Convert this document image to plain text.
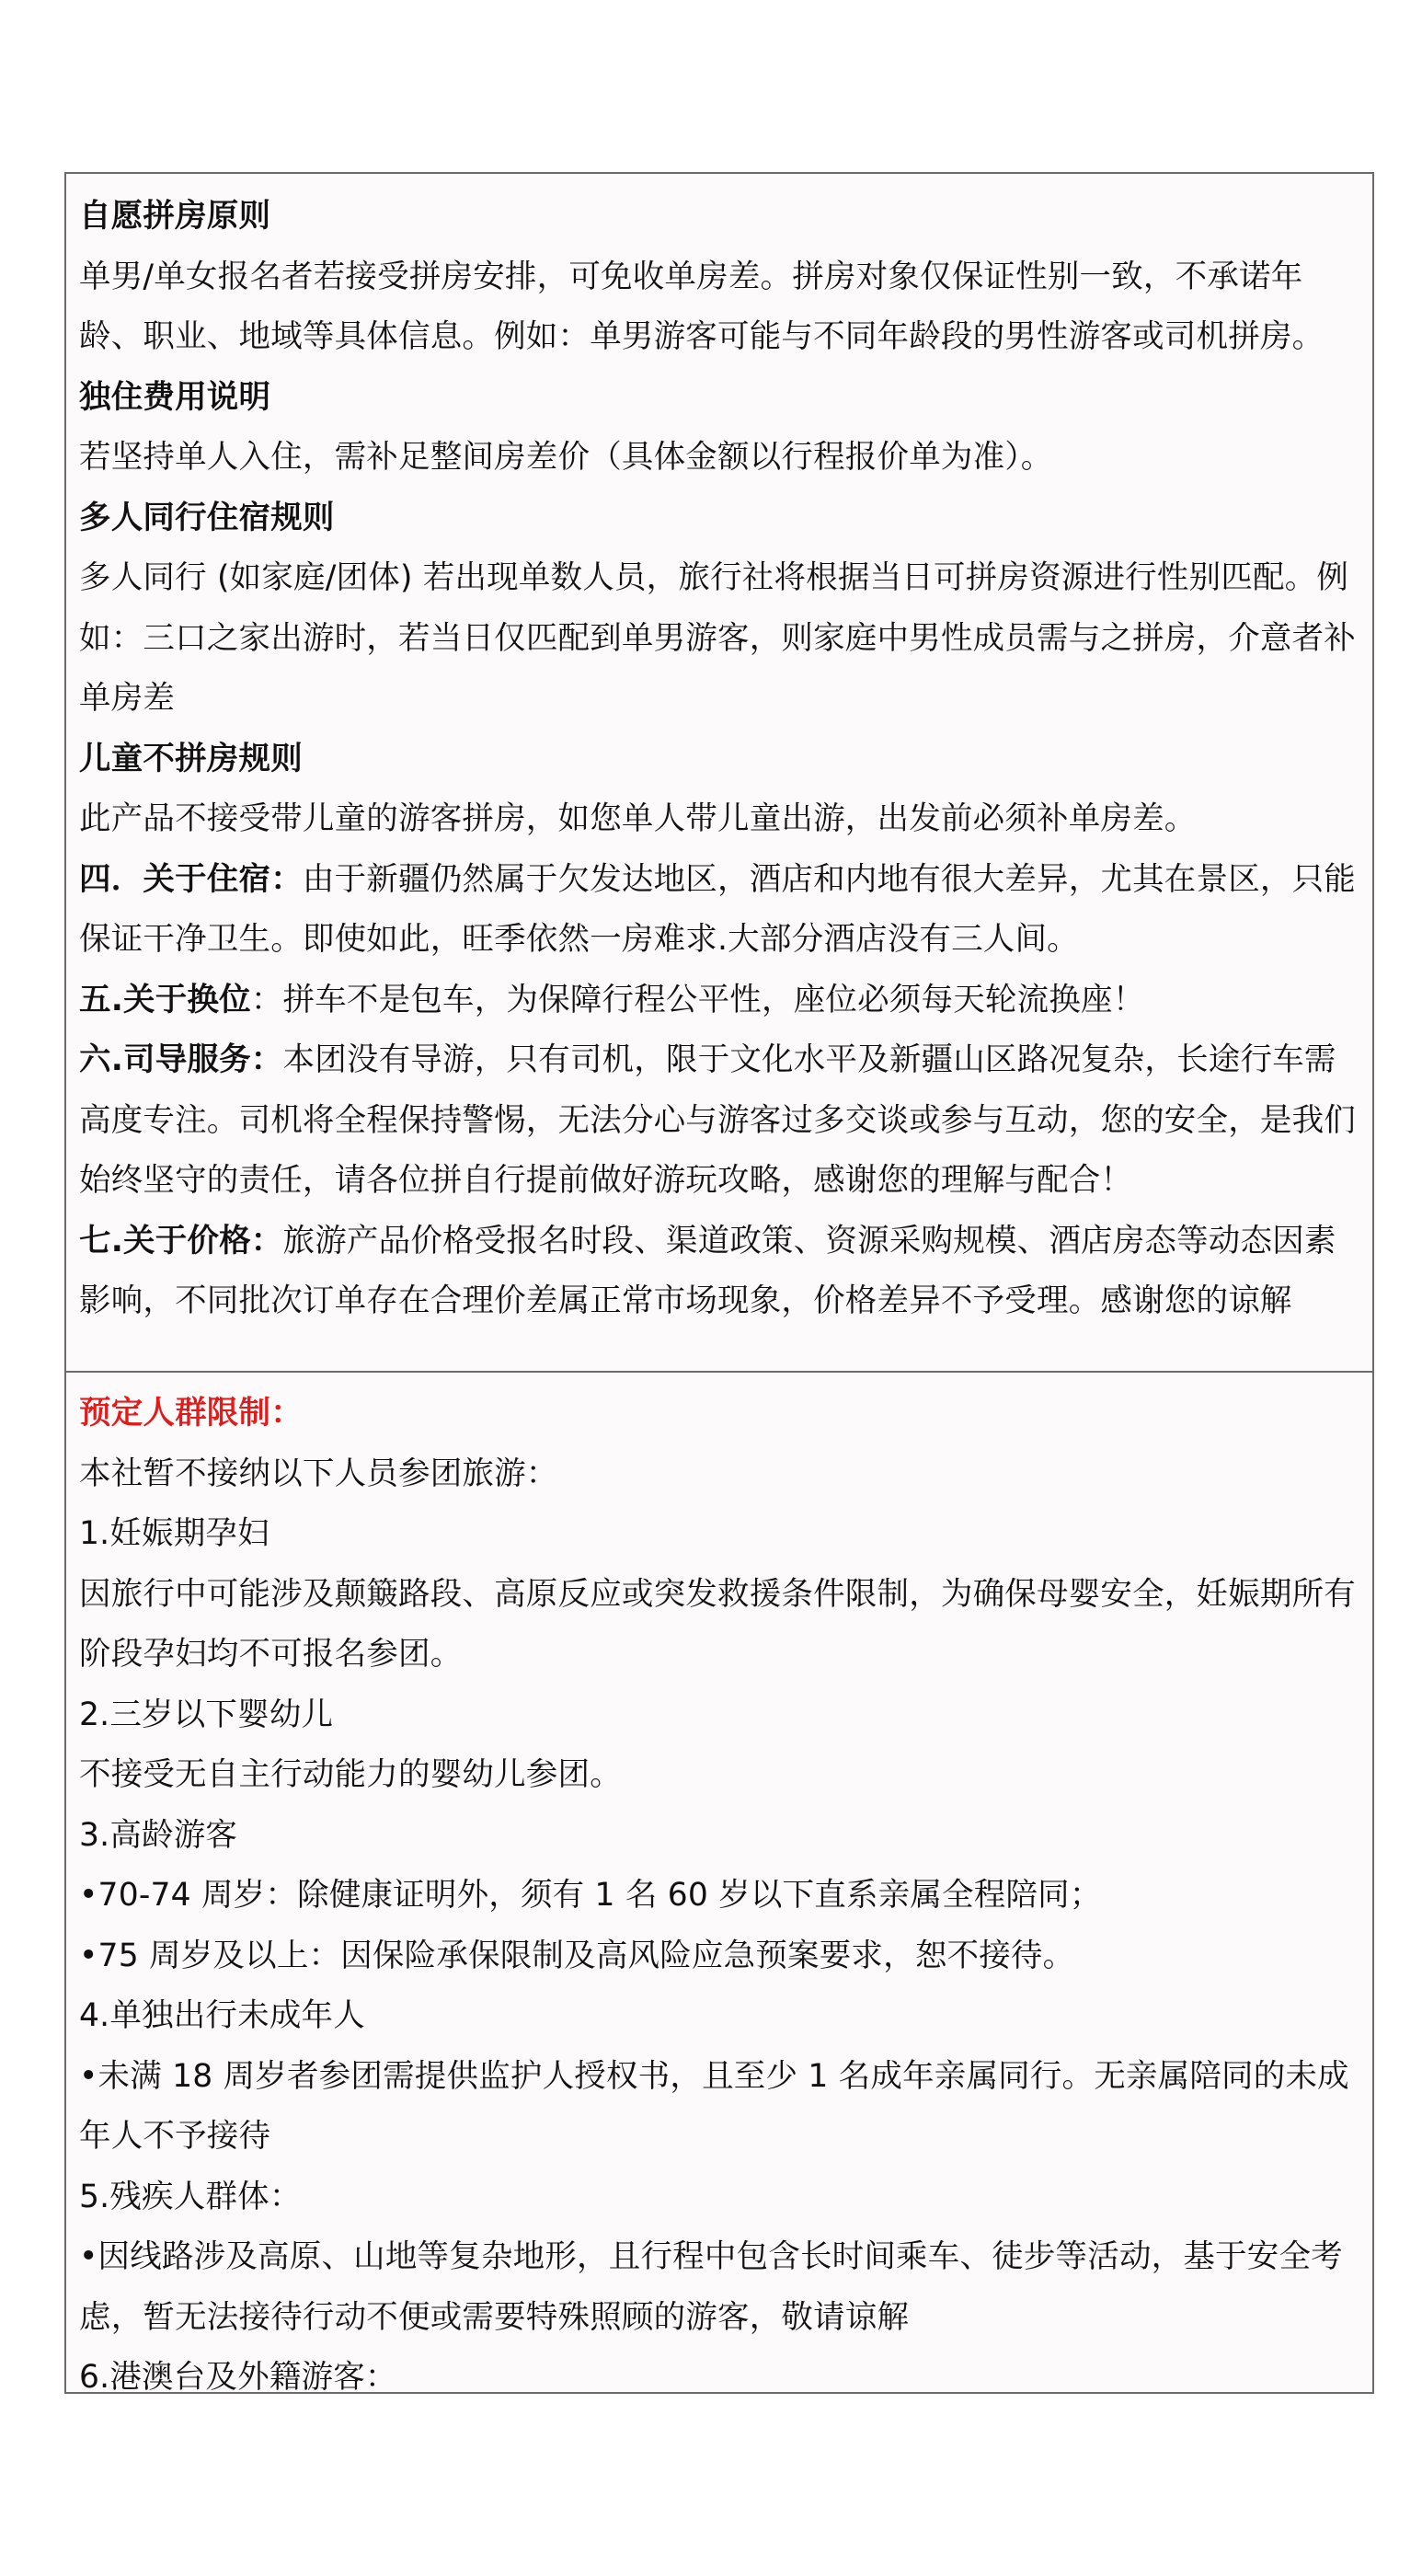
自愿拼房原则

单男/单女报名者若接受拼房安排，可免收单房差。拼房对象仅保证性别一致，不承诺年龄、职业、地域等具体信息。例如：单男游客可能与不同年龄段的男性游客或司机拼房。

独住费用说明

若坚持单人入住，需补足整间房差价（具体金额以行程报价单为准）。

多人同行住宿规则

多人同行 (如家庭/团体) 若出现单数人员，旅行社将根据当日可拼房资源进行性别匹配。例如：三口之家出游时，若当日仅匹配到单男游客，则家庭中男性成员需与之拼房，介意者补单房差

儿童不拼房规则

此产品不接受带儿童的游客拼房，如您单人带儿童出游，出发前必须补单房差。

四．关于住宿：由于新疆仍然属于欠发达地区，酒店和内地有很大差异，尤其在景区，只能保证干净卫生。即使如此，旺季依然一房难求.大部分酒店没有三人间。

五.关于换位：拼车不是包车，为保障行程公平性，座位必须每天轮流换座！

六.司导服务：本团没有导游，只有司机，限于文化水平及新疆山区路况复杂，长途行车需高度专注。司机将全程保持警惕，无法分心与游客过多交谈或参与互动，您的安全，是我们始终坚守的责任，请各位拼自行提前做好游玩攻略，感谢您的理解与配合！

七.关于价格：旅游产品价格受报名时段、渠道政策、资源采购规模、酒店房态等动态因素影响，不同批次订单存在合理价差属正常市场现象，价格差异不予受理。感谢您的谅解

预定人群限制：

本社暂不接纳以下人员参团旅游：

1.妊娠期孕妇

因旅行中可能涉及颠簸路段、高原反应或突发救援条件限制，为确保母婴安全，妊娠期所有阶段孕妇均不可报名参团。

2.三岁以下婴幼儿

不接受无自主行动能力的婴幼儿参团。

3.高龄游客

•70-74 周岁：除健康证明外，须有 1 名 60 岁以下直系亲属全程陪同；

•75 周岁及以上：因保险承保限制及高风险应急预案要求，恕不接待。

4.单独出行未成年人

•未满 18 周岁者参团需提供监护人授权书，且至少 1 名成年亲属同行。无亲属陪同的未成年人不予接待

5.残疾人群体：

•因线路涉及高原、山地等复杂地形，且行程中包含长时间乘车、徒步等活动，基于安全考虑，暂无法接待行动不便或需要特殊照顾的游客，敬请谅解

6.港澳台及外籍游客：
